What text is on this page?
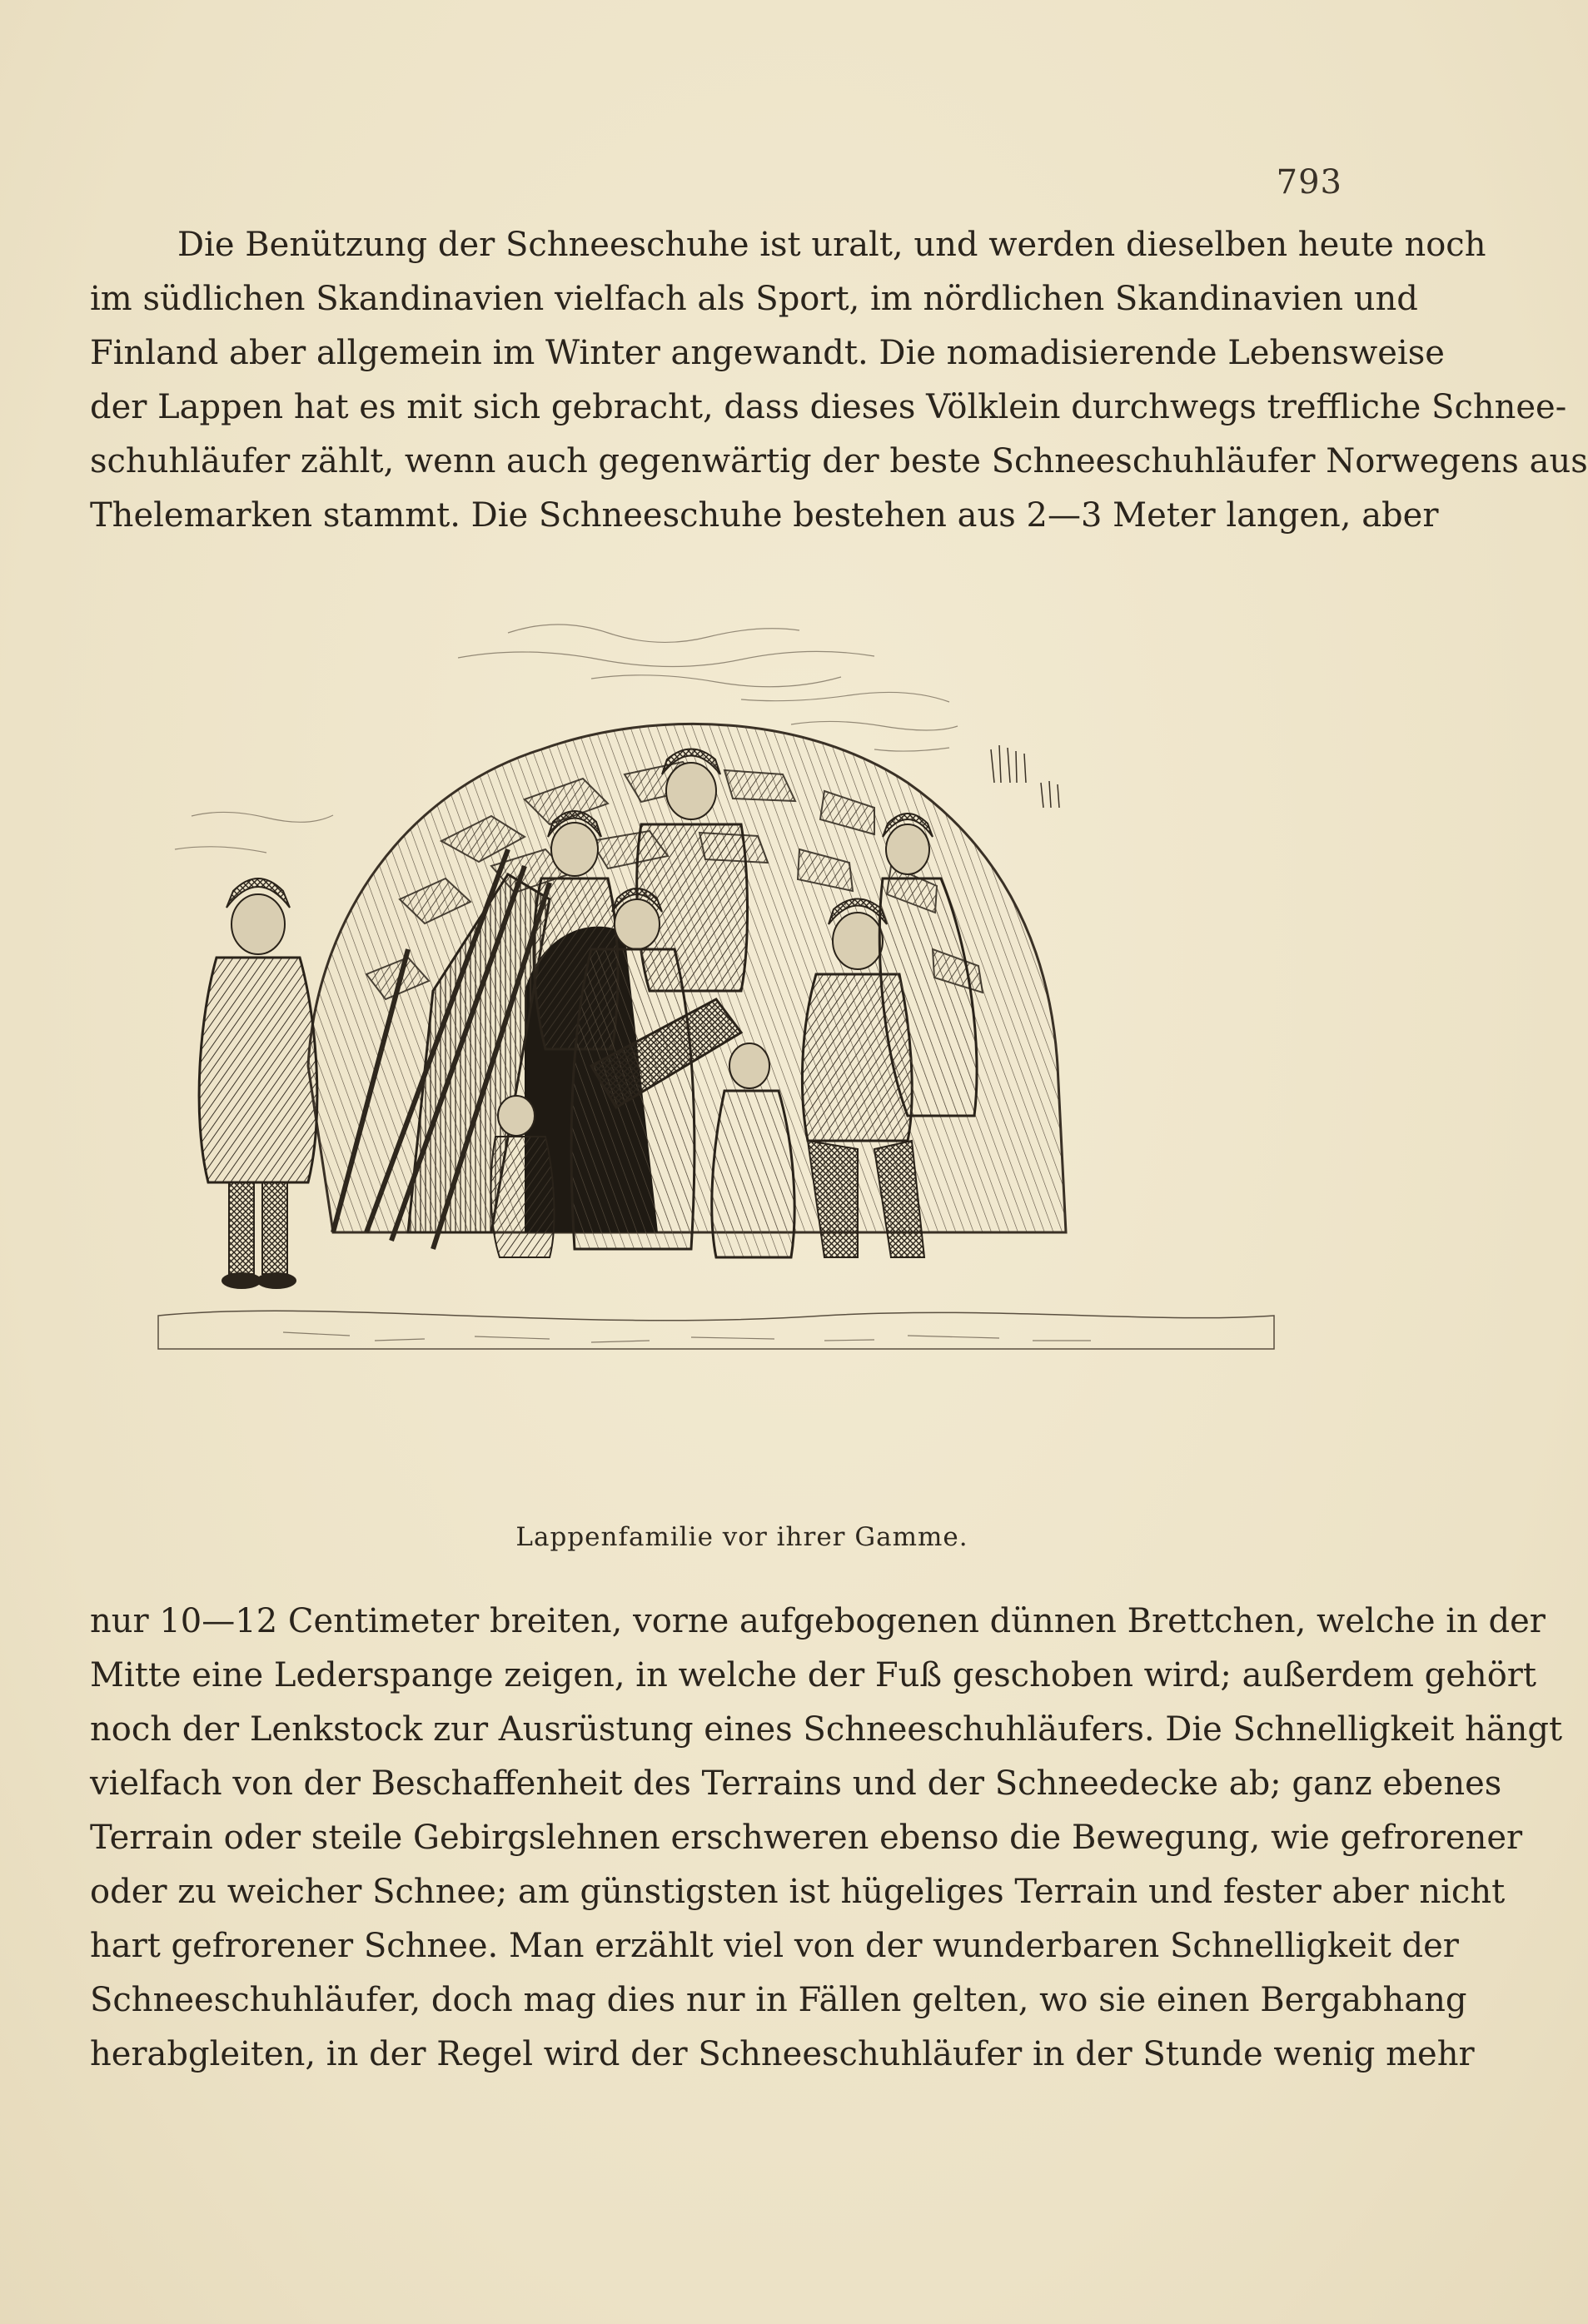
793
Die Benützung der Schneeschuhe ist uralt, und werden dieselben heute noch
im südlichen Skandinavien vielfach als Sport, im nördlichen Skandinavien und
Finland aber allgemein im Winter angewandt. Die nomadisierende Lebensweise
der Lappen hat es mit sich gebracht, dass dieses Völklein durchwegs treffliche Schnee-
schuhläufer zählt, wenn auch gegenwärtig der beste Schneeschuhläufer Norwegens aus
Thelemarken stammt. Die Schneeschuhe bestehen aus 2—3 Meter langen, aber
Lappenfamilie vor ihrer Gamme.
nur 10—12 Centimeter breiten, vorne aufgebogenen dünnen Brettchen, welche in der
Mitte eine Lederspange zeigen, in welche der Fuß geschoben wird; außerdem gehört
noch der Lenkstock zur Ausrüstung eines Schneeschuhläufers. Die Schnelligkeit hängt
vielfach von der Beschaffenheit des Terrains und der Schneedecke ab; ganz ebenes
Terrain oder steile Gebirgslehnen erschweren ebenso die Bewegung, wie gefrorener
oder zu weicher Schnee; am günstigsten ist hügeliges Terrain und fester aber nicht
hart gefrorener Schnee. Man erzählt viel von der wunderbaren Schnelligkeit der
Schneeschuhläufer, doch mag dies nur in Fällen gelten, wo sie einen Bergabhang
herabgleiten, in der Regel wird der Schneeschuhläufer in der Stunde wenig mehr
